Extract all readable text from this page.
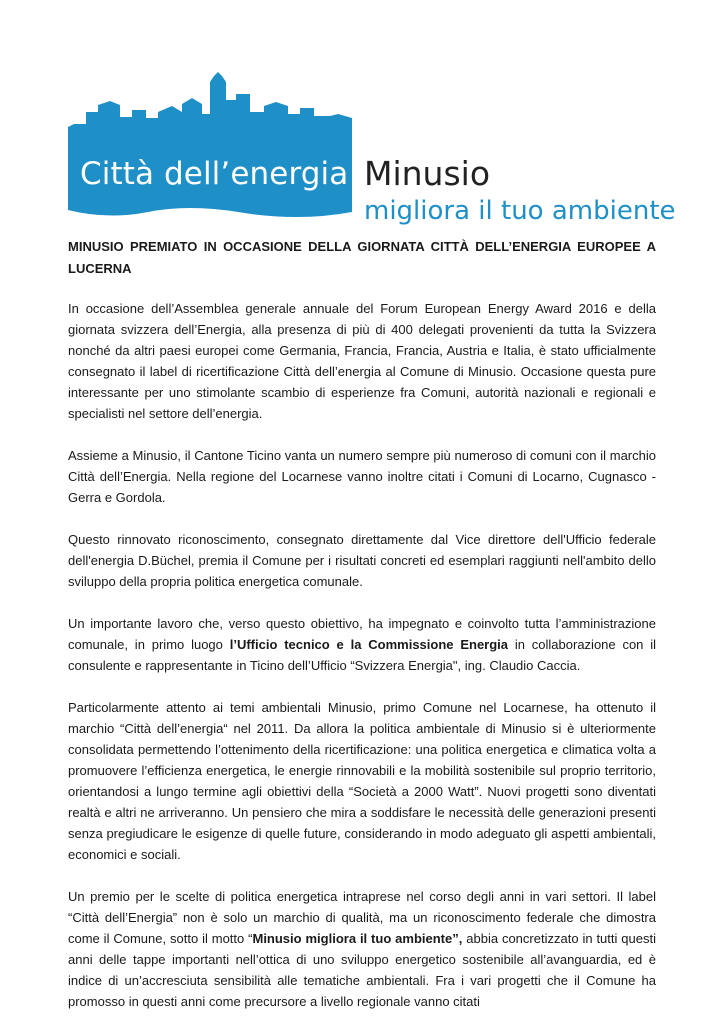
Città dell’energia Minusio
migliora il tuo ambiente
MINUSIO PREMIATO IN OCCASIONE DELLA GIORNATA CITTÀ DELL’ENERGIA EUROPEE A LUCERNA

In occasione dell’Assemblea generale annuale del Forum European Energy Award 2016 e della giornata svizzera dell’Energia, alla presenza di più di 400 delegati provenienti da tutta la Svizzera nonché da altri paesi europei come Germania, Francia, Francia, Austria e Italia, è stato ufficialmente consegnato il label di ricertificazione Città dell’energia al Comune di Minusio. Occasione questa pure interessante per uno stimolante scambio di esperienze fra Comuni, autorità nazionali e regionali e specialisti nel settore dell’energia.

Assieme a Minusio, il Cantone Ticino vanta un numero sempre più numeroso di comuni con il marchio Città dell’Energia. Nella regione del Locarnese vanno inoltre citati i Comuni di Locarno, Cugnasco - Gerra e Gordola.

Questo rinnovato riconoscimento, consegnato direttamente dal Vice direttore dell'Ufficio federale dell'energia D.Büchel, premia il Comune per i risultati concreti ed esemplari raggiunti nell'ambito dello sviluppo della propria politica energetica comunale.

Un importante lavoro che, verso questo obiettivo, ha impegnato e coinvolto tutta l’amministrazione comunale, in primo luogo l’Ufficio tecnico e la Commissione Energia in collaborazione con il consulente e rappresentante in Ticino dell’Ufficio “Svizzera Energia", ing. Claudio Caccia.

Particolarmente attento ai temi ambientali Minusio, primo Comune nel Locarnese, ha ottenuto il marchio “Città dell’energia“ nel 2011. Da allora la politica ambientale di Minusio si è ulteriormente consolidata permettendo l’ottenimento della ricertificazione: una politica energetica e climatica volta a promuovere l’efficienza energetica, le energie rinnovabili e la mobilità sostenibile sul proprio territorio, orientandosi a lungo termine agli obiettivi della “Società a 2000 Watt”. Nuovi progetti sono diventati realtà e altri ne arriveranno. Un pensiero che mira a soddisfare le necessità delle generazioni presenti senza pregiudicare le esigenze di quelle future, considerando in modo adeguato gli aspetti ambientali, economici e sociali.

Un premio per le scelte di politica energetica intraprese nel corso degli anni in vari settori. Il label “Città dell’Energia” non è solo un marchio di qualità, ma un riconoscimento federale che dimostra come il Comune, sotto il motto “Minusio migliora il tuo ambiente”, abbia concretizzato in tutti questi anni delle tappe importanti nell’ottica di uno sviluppo energetico sostenibile all’avanguardia, ed è indice di un’accresciuta sensibilità alle tematiche ambientali. Fra i vari progetti che il Comune ha promosso in questi anni come precursore a livello regionale vanno citati
